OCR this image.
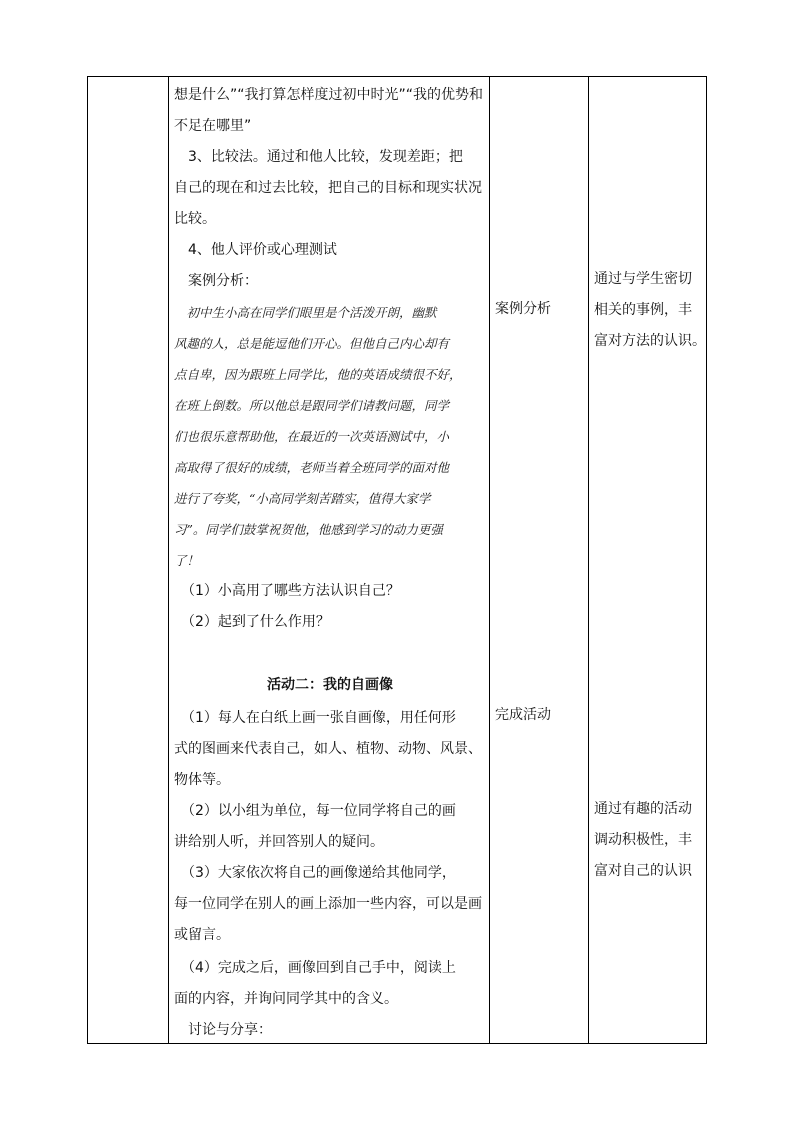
想是什么”“我打算怎样度过初中时光”“我的优势和
不足在哪里”
　3、比较法。通过和他人比较，发现差距；把
自己的现在和过去比较，把自己的目标和现实状况
比较。
　4、他人评价或心理测试
　案例分析：
　初中生小高在同学们眼里是个活泼开朗，幽默
风趣的人，总是能逗他们开心。但他自己内心却有
点自卑，因为跟班上同学比，他的英语成绩很不好，
在班上倒数。所以他总是跟同学们请教问题，同学
们也很乐意帮助他，在最近的一次英语测试中，小
高取得了很好的成绩，老师当着全班同学的面对他
进行了夸奖，“小高同学刻苦踏实，值得大家学
习”。同学们鼓掌祝贺他，他感到学习的动力更强
了！
　（1）小高用了哪些方法认识自己？
　（2）起到了什么作用？
活动二：我的自画像
　（1）每人在白纸上画一张自画像，用任何形
式的图画来代表自己，如人、植物、动物、风景、
物体等。
　（2）以小组为单位，每一位同学将自己的画
讲给别人听，并回答别人的疑问。
　（3）大家依次将自己的画像递给其他同学，
每一位同学在别人的画上添加一些内容，可以是画
或留言。
　（4）完成之后，画像回到自己手中，阅读上
面的内容，并询问同学其中的含义。
　讨论与分享：
案例分析
完成活动
通过与学生密切
相关的事例，丰
富对方法的认识。
通过有趣的活动
调动积极性，丰
富对自己的认识
